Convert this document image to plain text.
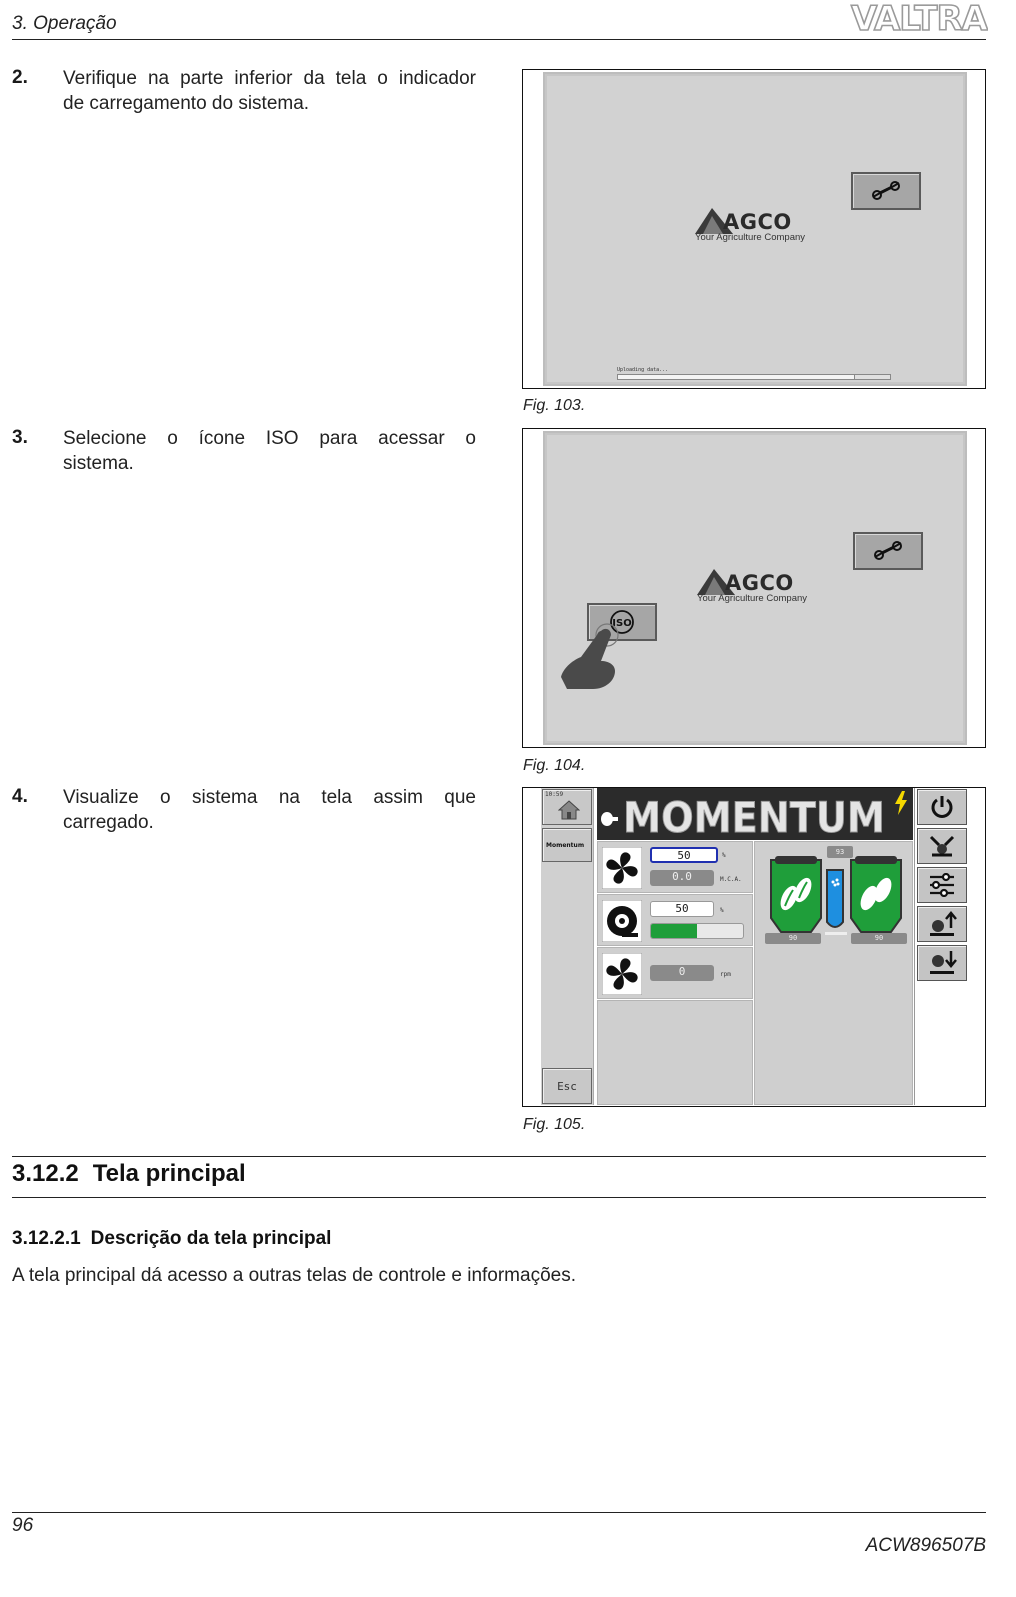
3. Operação	VALTRA
2. Verifique na parte inferior da tela o indicador
de carregamento do sistema.
AGCO
Your Agriculture Company
Uploading data...
Fig. 103.
3. Selecione o ícone ISO para acessar o
sistema.
AGCO
Your Agriculture Company
ISO
Fig. 104.
4. Visualize o sistema na tela assim que
carregado.
10:59
Momentum
Esc
MOMENTUM
50	%
0.0	M.C.A.
50	%
0	rpm
93
90	90
Fig. 105.
3.12.2 Tela principal
3.12.2.1 Descrição da tela principal
A tela principal dá acesso a outras telas de controle e informações.
96
ACW896507B
